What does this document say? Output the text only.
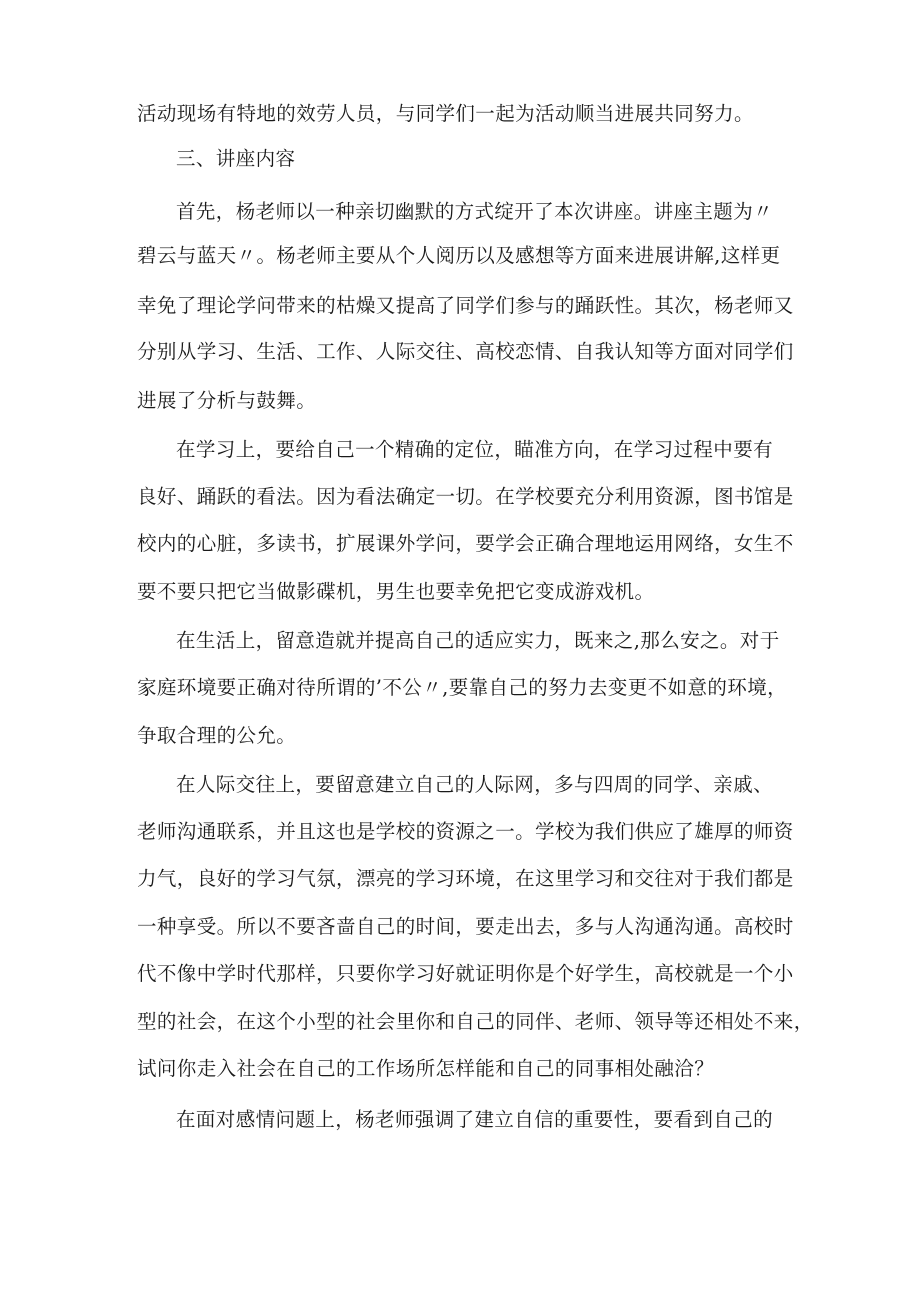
活动现场有特地的效劳人员，与同学们一起为活动顺当进展共同努力。
三、讲座内容
首先，杨老师以一种亲切幽默的方式绽开了本次讲座。讲座主题为〃
碧云与蓝天〃。杨老师主要从个人阅历以及感想等方面来进展讲解,这样更
幸免了理论学问带来的枯燥又提高了同学们参与的踊跃性。其次，杨老师又
分别从学习、生活、工作、人际交往、高校恋情、自我认知等方面对同学们
进展了分析与鼓舞。
在学习上，要给自己一个精确的定位，瞄准方向，在学习过程中要有
良好、踊跃的看法。因为看法确定一切。在学校要充分利用资源，图书馆是
校内的心脏，多读书，扩展课外学问，要学会正确合理地运用网络，女生不
要不要只把它当做影碟机，男生也要幸免把它变成游戏机。
在生活上，留意造就并提高自己的适应实力，既来之,那么安之。对于
家庭环境要正确对待所谓的’不公〃,要靠自己的努力去变更不如意的环境，
争取合理的公允。
在人际交往上，要留意建立自己的人际网，多与四周的同学、亲戚、
老师沟通联系，并且这也是学校的资源之一。学校为我们供应了雄厚的师资
力气，良好的学习气氛，漂亮的学习环境，在这里学习和交往对于我们都是
一种享受。所以不要吝啬自己的时间，要走出去，多与人沟通沟通。高校时
代不像中学时代那样，只要你学习好就证明你是个好学生，高校就是一个小
型的社会，在这个小型的社会里你和自己的同伴、老师、领导等还相处不来，
试问你走入社会在自己的工作场所怎样能和自己的同事相处融洽？
在面对感情问题上，杨老师强调了建立自信的重要性，要看到自己的
